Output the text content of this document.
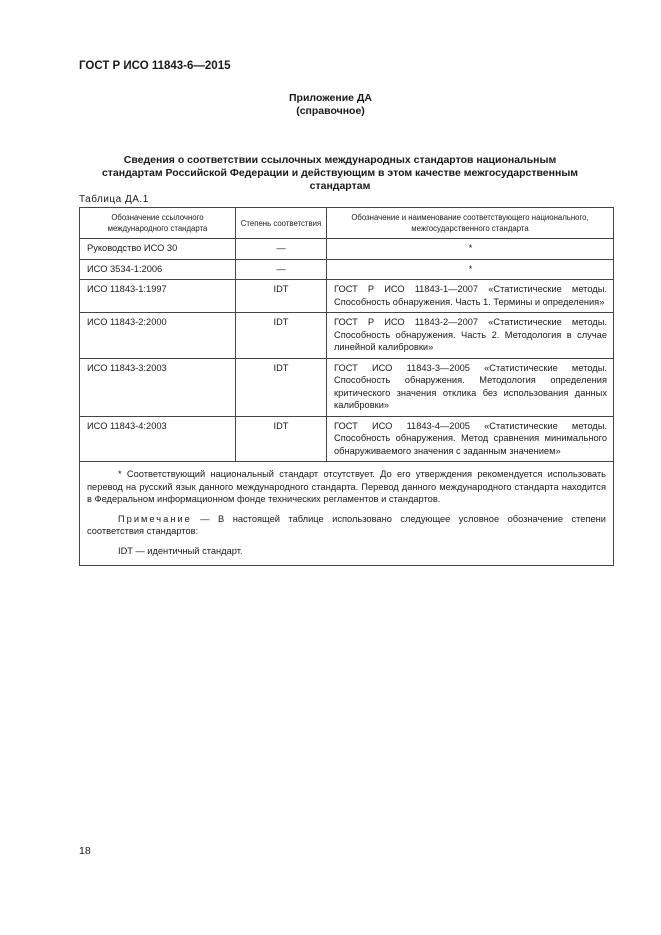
ГОСТ Р ИСО 11843-6—2015
Приложение ДА
(справочное)
Сведения о соответствии ссылочных международных стандартов национальным стандартам Российской Федерации и действующим в этом качестве межгосударственным стандартам
Таблица ДА.1
Обозначение ссылочного международного стандарта	Степень соответствия	Обозначение и наименование соответствующего национального, межгосударственного стандарта
Руководство ИСО 30	—	*
ИСО 3534-1:2006	—	*
ИСО 11843-1:1997	IDT	ГОСТ Р ИСО 11843-1—2007 «Статистические методы. Способность обнаружения. Часть 1. Термины и определения»
ИСО 11843-2:2000	IDT	ГОСТ Р ИСО 11843-2—2007 «Статистические методы. Способность обнаружения. Часть 2. Методология в случае линейной калибровки»
ИСО 11843-3:2003	IDT	ГОСТ ИСО 11843-3—2005 «Статистические методы. Способность обнаружения. Методология определения критического значения отклика без использования данных калибровки»
ИСО 11843-4:2003	IDT	ГОСТ ИСО 11843-4—2005 «Статистические методы. Способность обнаружения. Метод сравнения минимального обнаруживаемого значения с заданным значением»

* Соответствующий национальный стандарт отсутствует. До его утверждения рекомендуется использовать перевод на русский язык данного международного стандарта. Перевод данного международного стандарта находится в Федеральном информационном фонде технических регламентов и стандартов.

Примечание — В настоящей таблице использовано следующее условное обозначение степени соответствия стандартов:

IDT — идентичный стандарт.		

18
